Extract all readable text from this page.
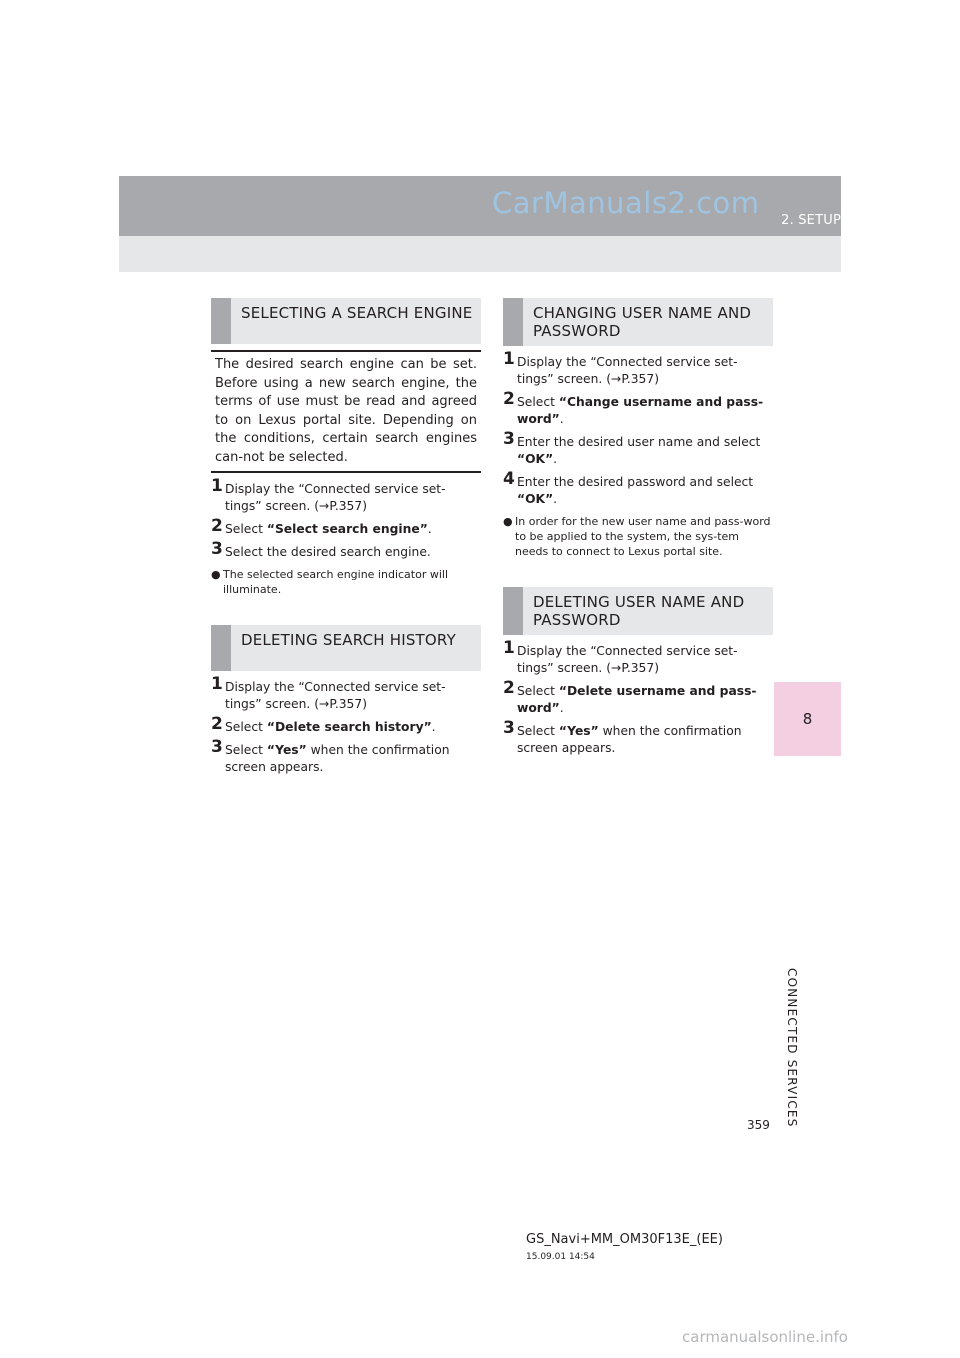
CarManuals2.com
2. SETUP
8
CONNECTED SERVICES
SELECTING A SEARCH ENGINE
The desired search engine can be set. Before using a new search engine, the terms of use must be read and agreed to on Lexus portal site. Depending on the conditions, certain search engines can-not be selected.
1 Display the “Connected service set-tings” screen. (→P.357)
2 Select “Select search engine”.
3 Select the desired search engine.
● The selected search engine indicator will illuminate.
DELETING SEARCH HISTORY
1 Display the “Connected service set-tings” screen. (→P.357)
2 Select “Delete search history”.
3 Select “Yes” when the confirmation screen appears.
CHANGING USER NAME AND PASSWORD
1 Display the “Connected service set-tings” screen. (→P.357)
2 Select “Change username and pass-word”.
3 Enter the desired user name and select “OK”.
4 Enter the desired password and select “OK”.
● In order for the new user name and pass-word to be applied to the system, the sys-tem needs to connect to Lexus portal site.
DELETING USER NAME AND PASSWORD
1 Display the “Connected service set-tings” screen. (→P.357)
2 Select “Delete username and pass-word”.
3 Select “Yes” when the confirmation screen appears.
359
GS_Navi+MM_OM30F13E_(EE)
15.09.01 14:54
carmanualsonline.info
